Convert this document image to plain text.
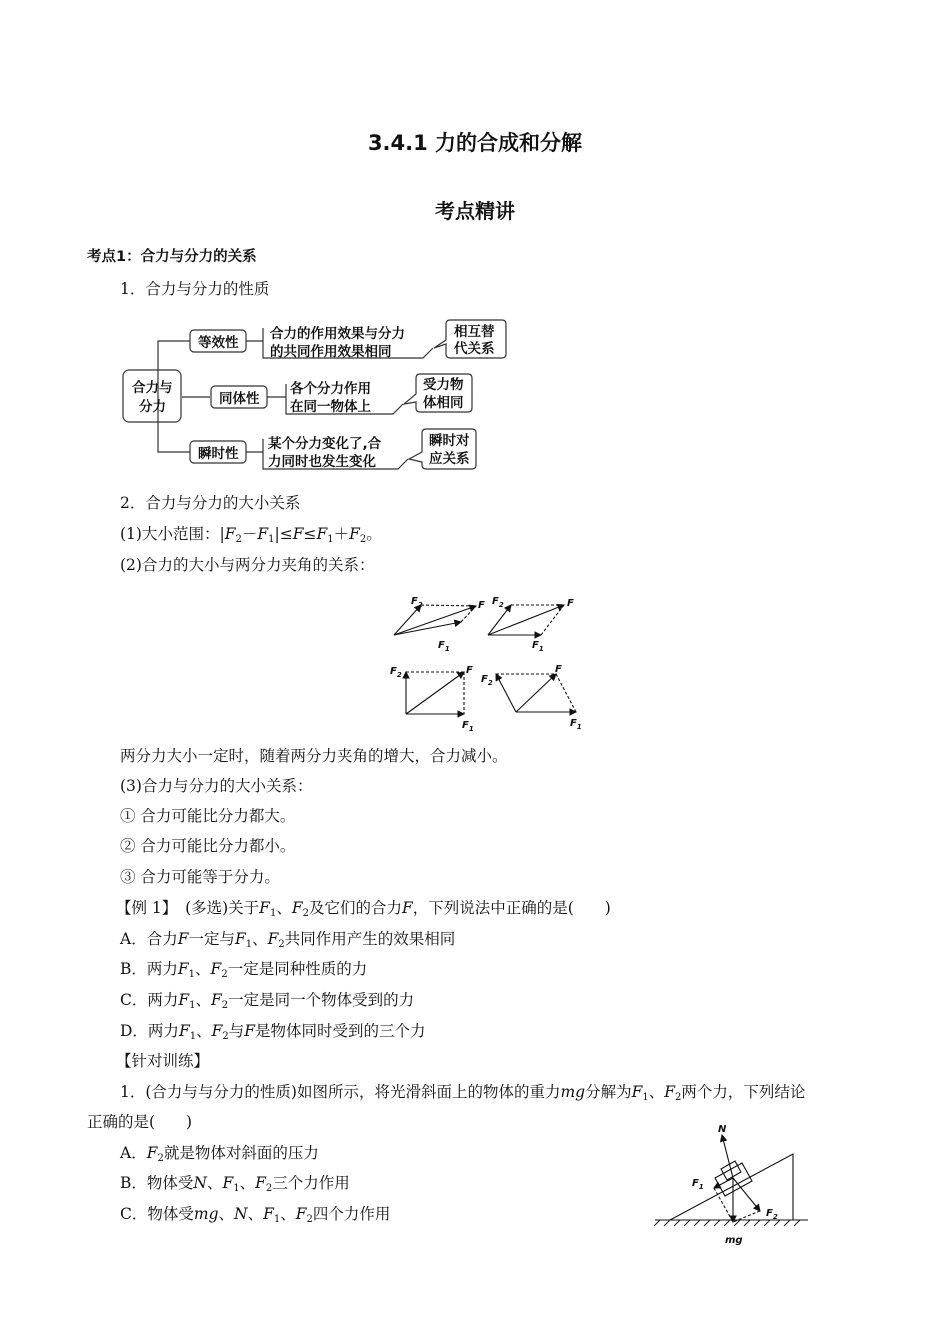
3.4.1 力的合成和分解
考点精讲
考点1：合力与分力的关系
1．合力与分力的性质
合力与
分力
等效性
同体性
瞬时性
合力的作用效果与分力
的共同作用效果相同
各个分力作用
在同一物体上
某个分力变化了,合
力同时也发生变化
相互替
代关系
受力物
体相同
瞬时对
应关系
2．合力与分力的大小关系
(1)大小范围：$|F_2-F_1|\le F\le F_1+F_2$。
(2)合力的大小与两分力夹角的关系：
$F_2$	F
$F_1$
$F_2$	F
$F_1$
$F_2$	F
$F_1$
$F_2$
F
$F_1$
两分力大小一定时，随着两分力夹角的增大，合力减小。
(3)合力与分力的大小关系：
① 合力可能比分力都大。
② 合力可能比分力都小。
③ 合力可能等于分力。
【例 1】　 (多选)关于$F_1$、$F_2$及它们的合力F，下列说法中正确的是(　　)
A．合力F一定与$F_1$、$F_2$共同作用产生的效果相同
B．两力$F_1$、$F_2$一定是同种性质的力
C．两力$F_1$、$F_2$一定是同一个物体受到的力
D．两力$F_1$、$F_2$与F是物体同时受到的三个力
【针对训练】
1．(合力与与分力的性质)如图所示，将光滑斜面上的物体的重力mg分解为$F_1$、$F_2$两个力，下列结论
正确的是(　　)
A．$F_2$就是物体对斜面的压力
B．物体受N、$F_1$、$F_2$三个力作用
C．物体受mg、N、$F_1$、$F_2$四个力作用
N
$F_1$
$F_2$
mg
